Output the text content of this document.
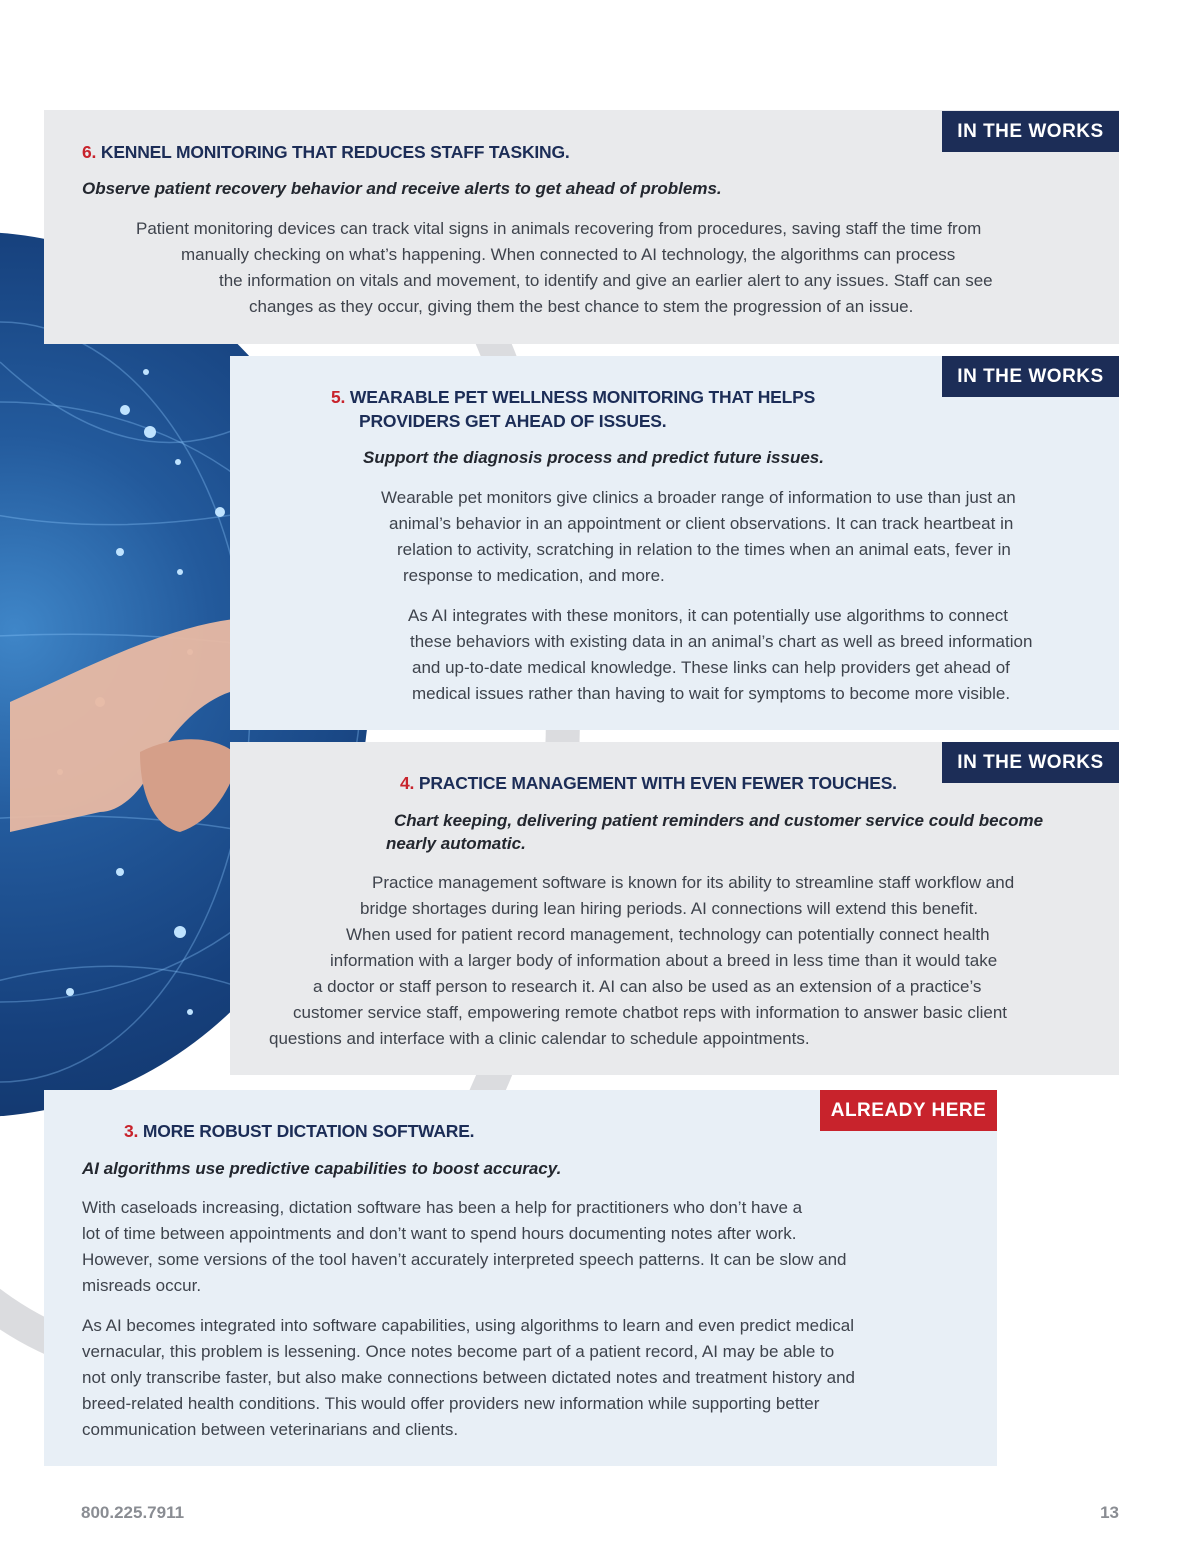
IN THE WORKS
6. KENNEL MONITORING THAT REDUCES STAFF TASKING.

Observe patient recovery behavior and receive alerts to get ahead of problems.

Patient monitoring devices can track vital signs in animals recovering from procedures, saving staff the time from
manually checking on what’s happening. When connected to AI technology, the algorithms can process
the information on vitals and movement, to identify and give an earlier alert to any issues. Staff can see
changes as they occur, giving them the best chance to stem the progression of an issue.

IN THE WORKS
5. WEARABLE PET WELLNESS MONITORING THAT HELPS
PROVIDERS GET AHEAD OF ISSUES.

Support the diagnosis process and predict future issues.

Wearable pet monitors give clinics a broader range of information to use than just an
animal’s behavior in an appointment or client observations. It can track heartbeat in
relation to activity, scratching in relation to the times when an animal eats, fever in
response to medication, and more.

As AI integrates with these monitors, it can potentially use algorithms to connect
these behaviors with existing data in an animal’s chart as well as breed information
and up-to-date medical knowledge. These links can help providers get ahead of
medical issues rather than having to wait for symptoms to become more visible.

IN THE WORKS
4. PRACTICE MANAGEMENT WITH EVEN FEWER TOUCHES.

Chart keeping, delivering patient reminders and customer service could become
nearly automatic.

Practice management software is known for its ability to streamline staff workflow and
bridge shortages during lean hiring periods. AI connections will extend this benefit.
When used for patient record management, technology can potentially connect health
information with a larger body of information about a breed in less time than it would take
a doctor or staff person to research it. AI can also be used as an extension of a practice’s
customer service staff, empowering remote chatbot reps with information to answer basic client
questions and interface with a clinic calendar to schedule appointments.

ALREADY HERE
3. MORE ROBUST DICTATION SOFTWARE.

AI algorithms use predictive capabilities to boost accuracy.

With caseloads increasing, dictation software has been a help for practitioners who don’t have a
lot of time between appointments and don’t want to spend hours documenting notes after work.
However, some versions of the tool haven’t accurately interpreted speech patterns. It can be slow and
misreads occur.

As AI becomes integrated into software capabilities, using algorithms to learn and even predict medical
vernacular, this problem is lessening. Once notes become part of a patient record, AI may be able to
not only transcribe faster, but also make connections between dictated notes and treatment history and
breed-related health conditions. This would offer providers new information while supporting better
communication between veterinarians and clients.

800.225.7911	13
